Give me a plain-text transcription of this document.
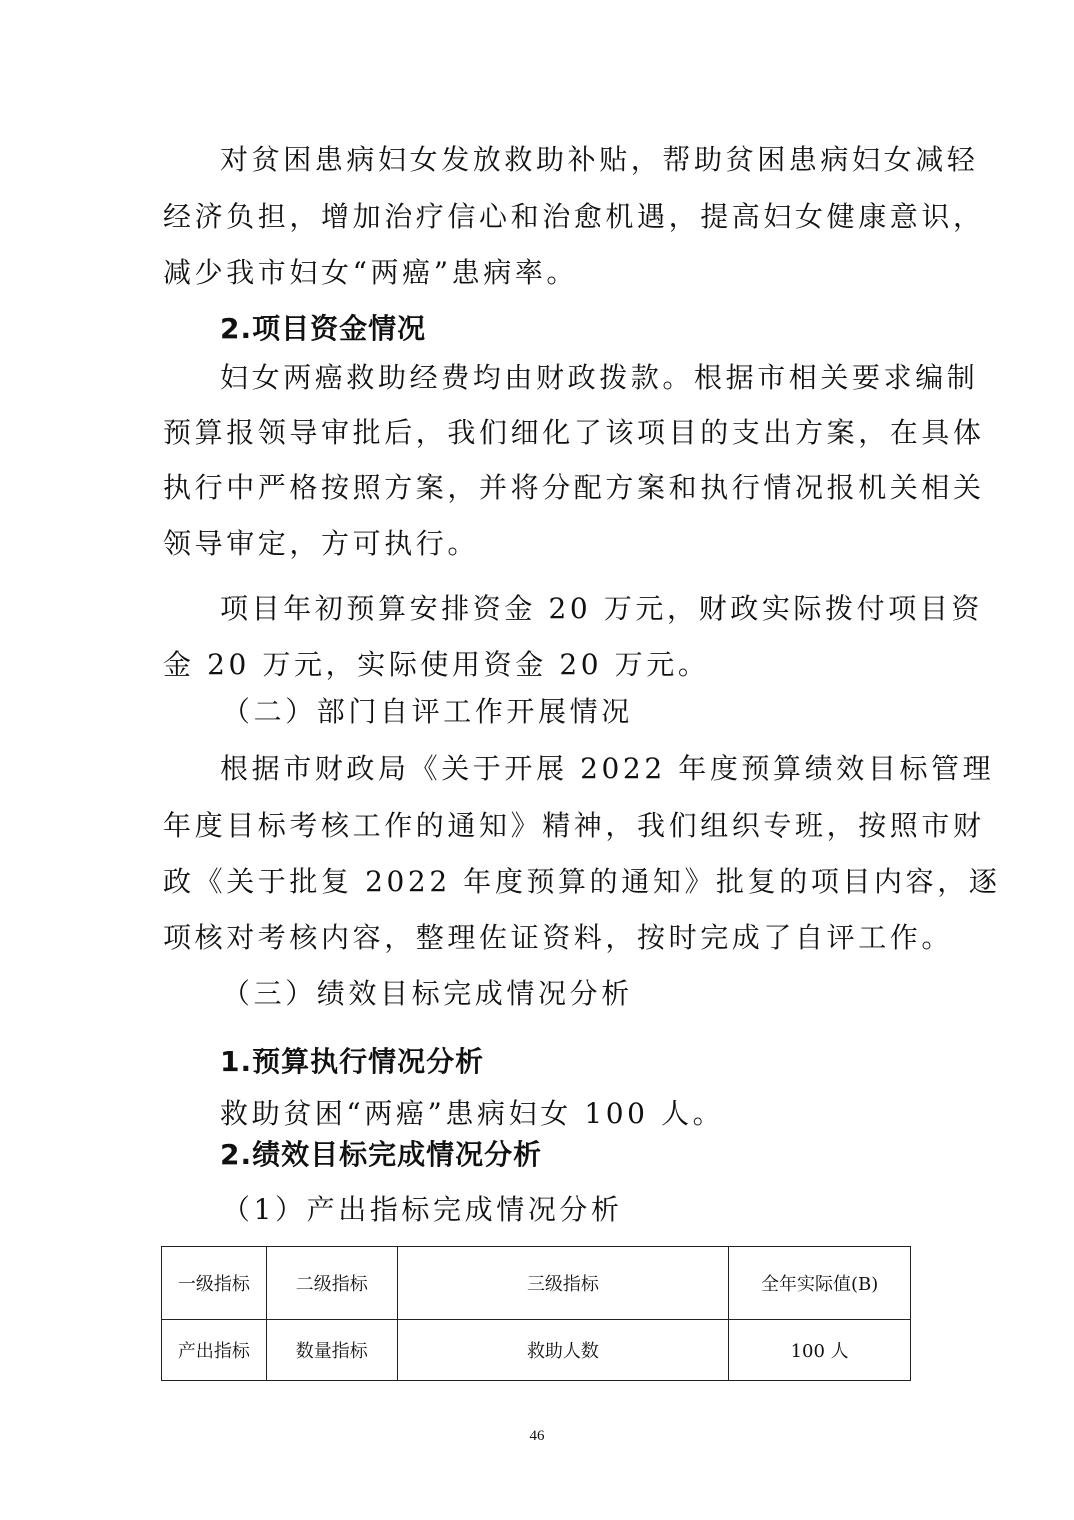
对贫困患病妇女发放救助补贴，帮助贫困患病妇女减轻
经济负担，增加治疗信心和治愈机遇，提高妇女健康意识，
减少我市妇女“两癌”患病率。
2.项目资金情况
妇女两癌救助经费均由财政拨款。根据市相关要求编制
预算报领导审批后，我们细化了该项目的支出方案，在具体
执行中严格按照方案，并将分配方案和执行情况报机关相关
领导审定，方可执行。
项目年初预算安排资金 20 万元，财政实际拨付项目资
金 20 万元，实际使用资金 20 万元。
（二）部门自评工作开展情况
根据市财政局《关于开展 2022 年度预算绩效目标管理
年度目标考核工作的通知》精神，我们组织专班，按照市财
政《关于批复 2022 年度预算的通知》批复的项目内容，逐
项核对考核内容，整理佐证资料，按时完成了自评工作。
（三）绩效目标完成情况分析
1.预算执行情况分析
救助贫困“两癌”患病妇女 100 人。
2.绩效目标完成情况分析
（1）产出指标完成情况分析
一级指标	二级指标	三级指标	全年实际值(B)
产出指标	数量指标	救助人数	100 人
46
